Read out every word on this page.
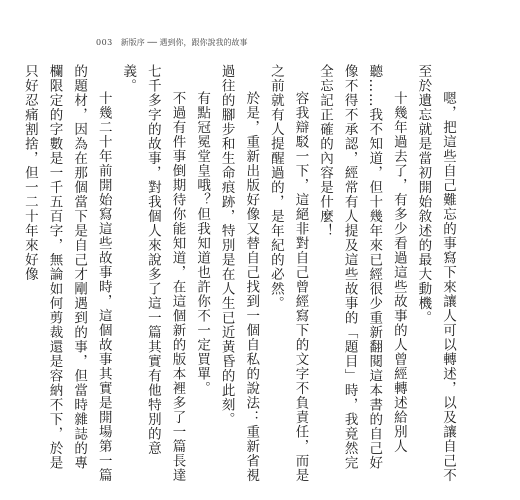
003 新版序 ── 遇到你，跟你說我的故事

嗯，把這些自己難忘的事寫下來讓人可以轉述，以及讓自己不至於遺忘就是當初開始敘述的最大動機。

十幾年過去了，有多少看過這些故事的人曾經轉述給別人聽……我不知道，但十幾年來已經很少重新翻閱這本書的自己好像不得不承認，經常有人提及這些故事的「題目」時，我竟然完全忘記正確的內容是什麼！

容我辯駁一下，這絕非對自己曾經寫下的文字不負責任，而是之前就有人提醒過的，是年紀的必然。

於是，重新出版好像又替自己找到一個自私的說法：重新省視過往的腳步和生命痕跡，特別是在人生已近黃昏的此刻。

有點冠冕堂皇哦？但我知道也許你不一定買單。

不過有件事倒期待你能知道，在這個新的版本裡多了一篇長達七千多字的故事，對我個人來說多了這一篇其實有他特別的意義。

十幾二十年前開始寫這些故事時，這個故事其實是開場第一篇的題材，因為在那個當下是自己才剛遇到的事，但當時雜誌的專欄限定的字數是一千五百字，無論如何剪裁還是容納不下，於是只好忍痛割捨，但一二十年來好像
